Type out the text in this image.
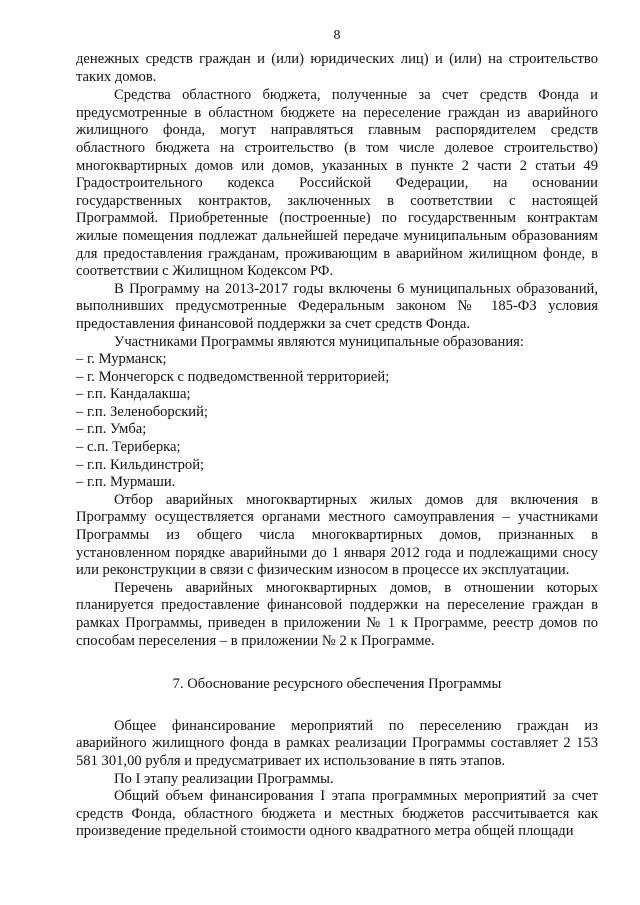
8

денежных средств граждан и (или) юридических лиц) и (или) на строительство таких домов.

Средства областного бюджета, полученные за счет средств Фонда и предусмотренные в областном бюджете на переселение граждан из аварийного жилищного фонда, могут направляться главным распорядителем средств областного бюджета на строительство (в том числе долевое строительство) многоквартирных домов или домов, указанных в пункте 2 части 2 статьи 49 Градостроительного кодекса Российской Федерации, на основании государственных контрактов, заключенных в соответствии с настоящей Программой. Приобретенные (построенные) по государственным контрактам жилые помещения подлежат дальнейшей передаче муниципальным образованиям для предоставления гражданам, проживающим в аварийном жилищном фонде, в соответствии с Жилищном Кодексом РФ.

В Программу на 2013-2017 годы включены 6 муниципальных образований, выполнивших предусмотренные Федеральным законом № 185-ФЗ условия предоставления финансовой поддержки за счет средств Фонда.

Участниками Программы являются муниципальные образования:

– г. Мурманск;
– г. Мончегорск с подведомственной территорией;
– г.п. Кандалакша;
– г.п. Зеленоборский;
– г.п. Умба;
– с.п. Териберка;
– г.п. Кильдинстрой;
– г.п. Мурмаши.

Отбор аварийных многоквартирных жилых домов для включения в Программу осуществляется органами местного самоуправления – участниками Программы из общего числа многоквартирных домов, признанных в установленном порядке аварийными до 1 января 2012 года и подлежащими сносу или реконструкции в связи с физическим износом в процессе их эксплуатации.

Перечень аварийных многоквартирных домов, в отношении которых планируется предоставление финансовой поддержки на переселение граждан в рамках Программы, приведен в приложении № 1 к Программе, реестр домов по способам переселения – в приложении № 2 к Программе.

7. Обоснование ресурсного обеспечения Программы

Общее финансирование мероприятий по переселению граждан из аварийного жилищного фонда в рамках реализации Программы составляет 2 153 581 301,00 рубля и предусматривает их использование в пять этапов.

По I этапу реализации Программы.

Общий объем финансирования I этапа программных мероприятий за счет средств Фонда, областного бюджета и местных бюджетов рассчитывается как произведение предельной стоимости одного квадратного метра общей площади
